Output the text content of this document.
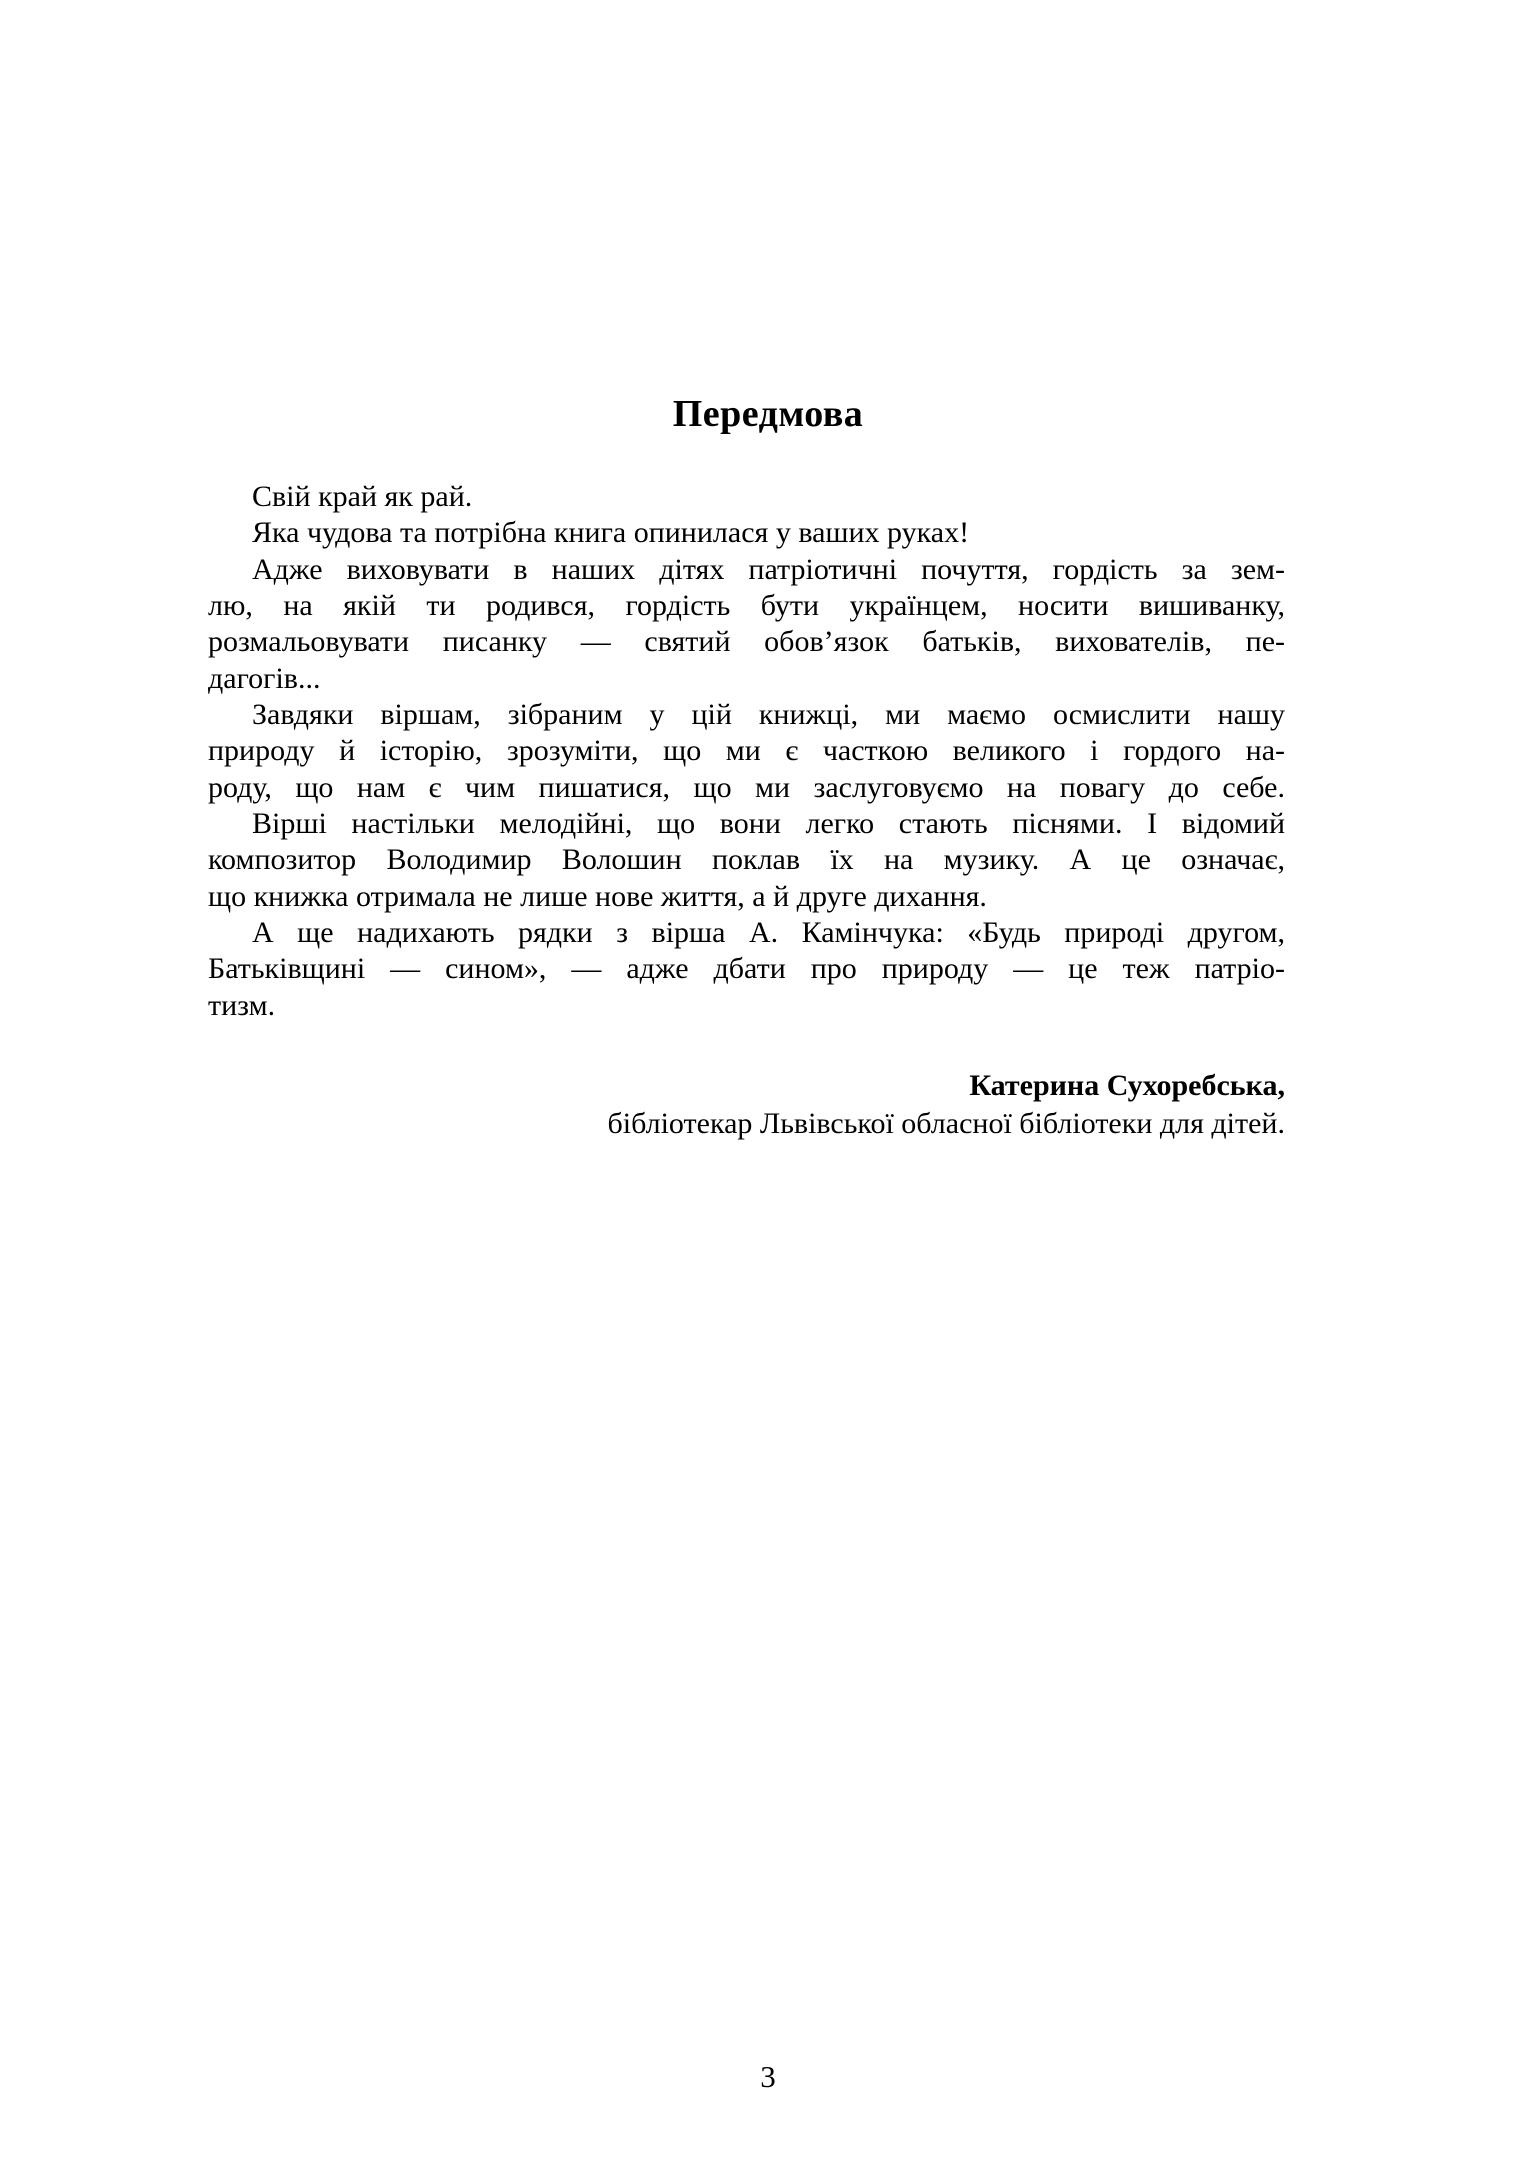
Передмова
Свій край як рай.
Яка чудова та потрібна книга опинилася у ваших руках!
Адже виховувати в наших дітях патріотичні почуття, гордість за зем-
лю, на якій ти родився, гордість бути українцем, носити вишиванку,
розмальовувати писанку — святий обов’язок батьків, вихователів, пе-
дагогів...
Завдяки віршам, зібраним у цій книжці, ми маємо осмислити нашу
природу й історію, зрозуміти, що ми є часткою великого і гордого на-
роду, що нам є чим пишатися, що ми заслуговуємо на повагу до себе.
Вірші настільки мелодійні, що вони легко стають піснями. І відомий
композитор Володимир Волошин поклав їх на музику. А це означає,
що книжка отримала не лише нове життя, а й друге дихання.
А ще надихають рядки з вірша А. Камінчука: «Будь природі другом,
Батьківщині — сином», — адже дбати про природу — це теж патріо-
тизм.
Катерина Сухоребська,
бібліотекар Львівської обласної бібліотеки для дітей.
3
